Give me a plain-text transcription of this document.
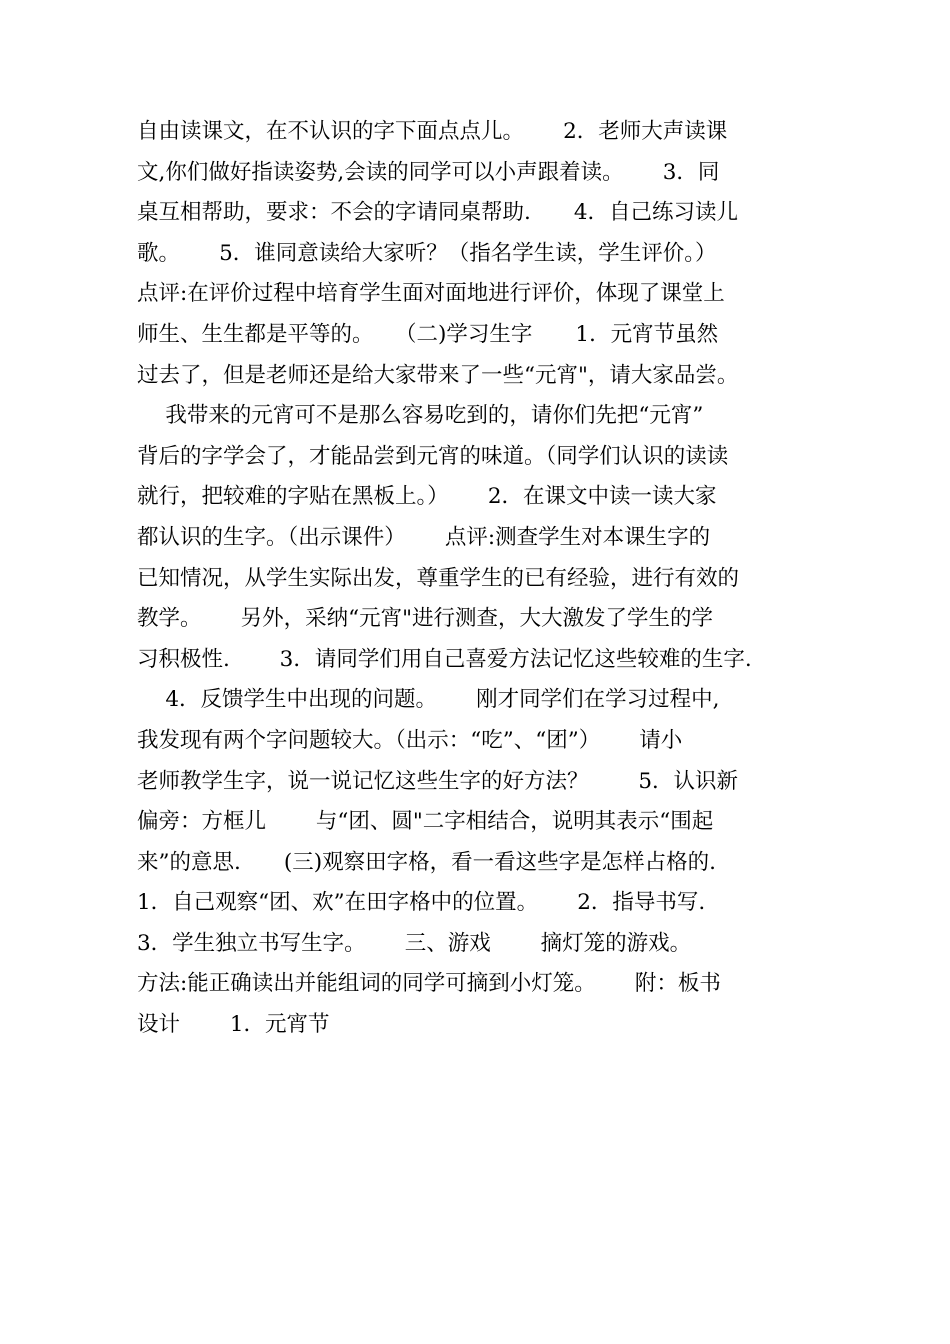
自由读课文，在不认识的字下面点点儿。　　 2．老师大声读课
文,你们做好指读姿势,会读的同学可以小声跟着读。　　 3．同
桌互相帮助，要求：不会的字请同桌帮助.　　4．自己练习读儿
歌。　　 5．谁同意读给大家听？（指名学生读，学生评价。）
点评:在评价过程中培育学生面对面地进行评价，体现了课堂上
师生、生生都是平等的。　　（二)学习生字　　1．元宵节虽然
过去了，但是老师还是给大家带来了一些“元宵"，请大家品尝。
　 我带来的元宵可不是那么容易吃到的，请你们先把“元宵”
背后的字学会了，才能品尝到元宵的味道。（同学们认识的读读
就行，把较难的字贴在黑板上。）　　 2．在课文中读一读大家
都认识的生字。（出示课件）　　 点评:测查学生对本课生字的
已知情况，从学生实际出发，尊重学生的已有经验，进行有效的
教学。　　 另外，采纳“元宵"进行测查，大大激发了学生的学
习积极性.　　 3．请同学们用自己喜爱方法记忆这些较难的生字.
　 4．反馈学生中出现的问题。　　 刚才同学们在学习过程中,
我发现有两个字问题较大。（出示：“吃”、“团”）　　 请小
老师教学生字，说一说记忆这些生字的好方法？　　 5．认识新
偏旁：方框儿　　 与“团、圆"二字相结合，说明其表示“围起
来”的意思.　　(三)观察田字格，看一看这些字是怎样占格的.
1．自己观察“团、欢”在田字格中的位置。　　 2．指导书写.
3．学生独立书写生字。　　 三、游戏　　 摘灯笼的游戏。
方法:能正确读出并能组词的同学可摘到小灯笼。　　 附：板书
设计　　 1．元宵节
